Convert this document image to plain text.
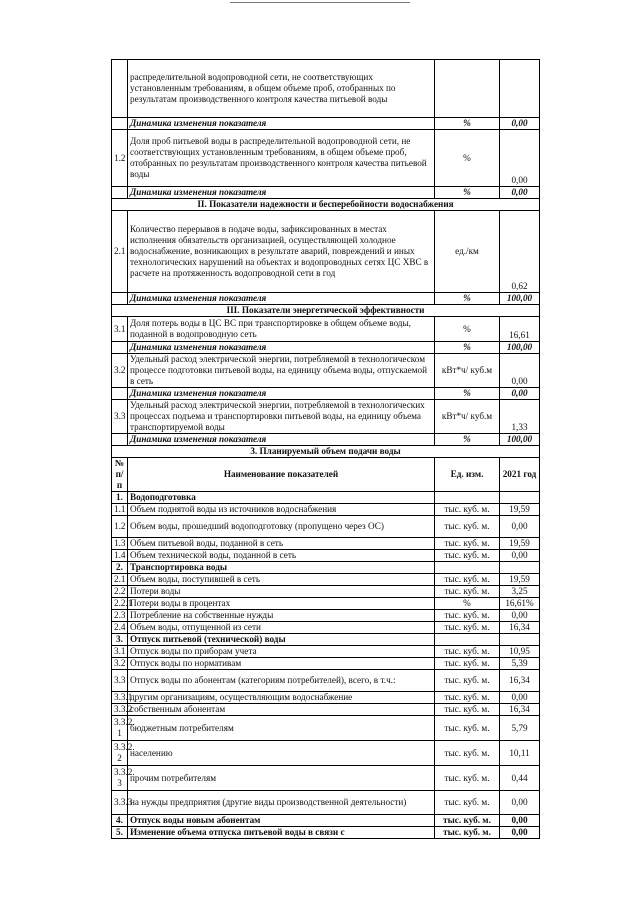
	распределительной водопроводной сети, не соответствующих установленным требованиям, в общем объеме проб, отобранных по результатам производственного контроля качества питьевой воды		
	Динамика изменения показателя	%	0,00
1.2	Доля проб питьевой воды в распределительной водопроводной сети, не соответствующих установленным требованиям, в общем объеме проб, отобранных по результатам производственного контроля качества питьевой воды	%	0,00
	Динамика изменения показателя	%	0,00
II. Показатели надежности и бесперебойности водоснабжения			
2.1	Количество перерывов в подаче воды, зафиксированных в местах исполнения обязательств организацией, осуществляющей холодное водоснабжение, возникающих в результате аварий, повреждений и иных технологических нарушений на объектах и водопроводных сетях ЦС ХВС в расчете на протяженность водопроводной сети в год	ед./км	0,62
	Динамика изменения показателя	%	100,00
III. Показатели энергетической эффективности			
3.1	Доля потерь воды в ЦС ВС при транспортировке в общем объеме воды, поданной в водопроводную сеть	%	16,61
	Динамика изменения показателя	%	100,00
3.2	Удельный расход электрической энергии, потребляемой в технологическом процессе подготовки питьевой воды, на единицу объема воды, отпускаемой в сеть	кВт*ч/ куб.м	0,00
	Динамика изменения показателя	%	0,00
3.3	Удельный расход электрической энергии, потребляемой в технологических процессах подъема и транспортировки питьевой воды, на единицу объема транспортируемой воды	кВт*ч/ куб.м	1,33
	Динамика изменения показателя	%	100,00
3. Планируемый объем подачи воды			
№ п/п	Наименование показателей	Ед. изм.	2021 год
1.	Водоподготовка		
1.1	Объем поднятой воды из источников водоснабжения	тыс. куб. м.	19,59
1.2	Объем воды, прошедший водоподготовку (пропущено через ОС)	тыс. куб. м.	0,00
1.3	Объем питьевой воды, поданной в сеть	тыс. куб. м.	19,59
1.4	Объем технической воды, поданной в сеть	тыс. куб. м.	0,00
2.	Транспортировка воды		
2.1	Объем воды, поступившей в сеть	тыс. куб. м.	19,59
2.2	Потери воды	тыс. куб. м.	3,25
2.2.1	Потери воды в процентах	%	16,61%
2.3	Потребление на собственные нужды	тыс. куб. м.	0,00
2.4	Объем воды, отпущенной из сети	тыс. куб. м.	16,34
3.	Отпуск питьевой (технической) воды		
3.1	Отпуск воды по приборам учета	тыс. куб. м.	10,95
3.2	Отпуск воды по нормативам	тыс. куб. м.	5,39
3.3	Отпуск воды по абонентам (категориям потребителей), всего, в т.ч.:	тыс. куб. м.	16,34
3.3.1	другим организациям, осуществляющим водоснабжение	тыс. куб. м.	0,00
3.3.2	собственным абонентам	тыс. куб. м.	16,34
3.3.2. 1	бюджетным потребителям	тыс. куб. м.	5,79
3.3.2. 2	населению	тыс. куб. м.	10,11
3.3.2. 3	прочим потребителям	тыс. куб. м.	0,44
3.3.3	на нужды предприятия (другие виды производственной деятельности)	тыс. куб. м.	0,00
4.	Отпуск воды новым абонентам	тыс. куб. м.	0,00
5.	Изменение объема отпуска питьевой воды в связи с	тыс. куб. м.	0,00
